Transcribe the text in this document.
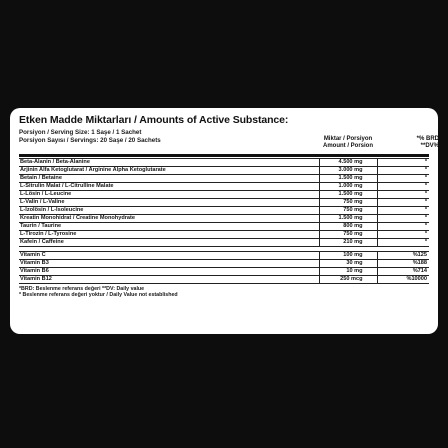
Etken Madde Miktarları / Amounts of Active Substance:
Porsiyon / Serving Size: 1 Saşe / 1 Sachet
Porsiyon Sayısı / Servings: 20 Saşe / 20 Sachets	Miktar / Porsiyon
Amount / Porsion
*% BRD
**DV%
Beta-Alanin / Beta-Alanine	4.500 mg	*
Arjinin Alfa Ketoglutarat / Arginine Alpha Ketoglutarate	3.000 mg	*
Betain / Betaine	1.500 mg	*
L-Sitrulin Malat / L-Citrulline Malate	1.000 mg	*
L-Lösin / L-Leucine	1.500 mg	*
L-Valin / L-Valine	750 mg	*
L-İzolösin / L-Isoleucine	750 mg	*
Kreatin Monohidrat / Creatine Monohydrate	1.500 mg	*
Taurin / Taurine	800 mg	*
L-Tirozin / L-Tyrosine	750 mg	*
Kafein / Caffeine	210 mg	*
Vitamin C	100 mg	%125
Vitamin B3	30 mg	%188
Vitamin B6	10 mg	%714
Vitamin B12	250 mcg	%10000
*BRD: Beslenme referans değeri **DV: Daily value
* Beslenme referans değeri yoktur / Daily Value not established
